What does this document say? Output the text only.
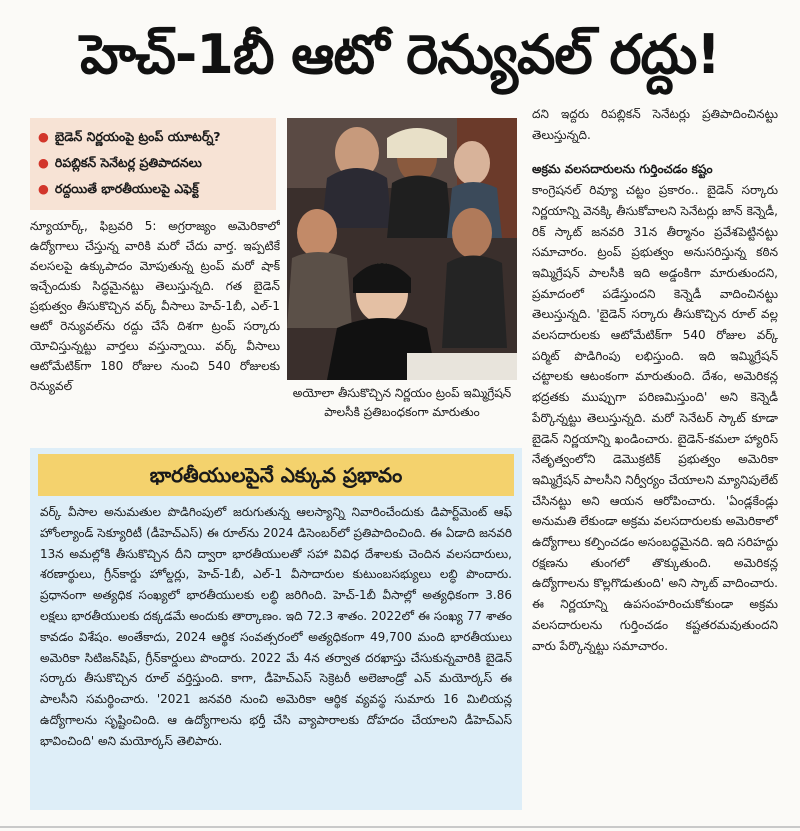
హెచ్‌-1బీ ఆటో రెన్యువల్‌ రద్దు!
● బైడెన్‌ నిర్ణయంపై ట్రంప్‌ యూటర్న్‌?
● రిపబ్లికన్‌ సెనేటర్ల ప్రతిపాదనలు
● రద్దయితే భారతీయులపై ఎఫెక్ట్‌
న్యూయార్క్‌, ఫిబ్రవరి 5: అగ్రరాజ్యం అమెరికాలో ఉద్యోగాలు చేస్తున్న వారికి మరో చేదు వార్త. ఇప్పటికే వలసలపై ఉక్కుపాదం మోపుతున్న ట్రంప్‌ మరో షాక్‌ ఇచ్చేందుకు సిద్ధమైనట్టు తెలుస్తున్నది. గత బైడెన్‌ ప్రభుత్వం తీసుకొచ్చిన వర్క్‌ వీసాలు హెచ్‌-1బీ, ఎల్‌-1 ఆటో రెన్యువల్‌ను రద్దు చేసే దిశగా ట్రంప్‌ సర్కారు యోచిస్తున్నట్టు వార్తలు వస్తున్నాయి. వర్క్‌ వీసాలు ఆటోమేటిక్‌గా 180 రోజుల నుంచి 540 రోజులకు రెన్యువల్‌	అయోలా తీసుకొచ్చిన నిర్ణయం ట్రంప్‌ ఇమ్మిగ్రేషన్‌ పాలసీకి ప్రతిబంధకంగా మారుతుం

దని ఇద్దరు రిపబ్లికన్‌ సెనేటర్లు ప్రతిపాదించినట్టు తెలుస్తున్నది.

అక్రమ వలసదారులను గుర్తించడం కష్టం

కాంగ్రెషనల్‌ రివ్యూ చట్టం ప్రకారం.. బైడెన్‌ సర్కారు నిర్ణయాన్ని వెనక్కి తీసుకోవాలని సెనేటర్లు జాన్‌ కెన్నెడీ, రిక్‌ స్కాట్‌ జనవరి 31న తీర్మానం ప్రవేశపెట్టినట్టు సమాచారం. ట్రంప్‌ ప్రభుత్వం అనుసరిస్తున్న కఠిన ఇమ్మిగ్రేషన్‌ పాలసీకి ఇది అడ్డంకిగా మారుతుందని, ప్రమాదంలో పడేస్తుందని కెన్నెడీ వాదించినట్టు తెలుస్తున్నది. 'బైడెన్‌ సర్కారు తీసుకొచ్చిన రూల్‌ వల్ల వలసదారులకు ఆటోమేటిక్‌గా 540 రోజుల వర్క్‌ పర్మిట్‌ పొడిగింపు లభిస్తుంది. ఇది ఇమ్మిగ్రేషన్‌ చట్టాలకు ఆటంకంగా మారుతుంది. దేశం, అమెరికన్ల భద్రతకు ముప్పుగా పరిణమిస్తుంది' అని కెన్నెడీ పేర్కొన్నట్టు తెలుస్తున్నది. మరో సెనేటర్‌ స్కాట్‌ కూడా బైడెన్‌ నిర్ణయాన్ని ఖండించారు. బైడెన్‌-కమలా హ్యారిస్‌ నేతృత్వంలోని డెమొక్రటిక్‌ ప్రభుత్వం అమెరికా ఇమ్మిగ్రేషన్‌ పాలసీని నిర్వీర్యం చేయాలని మ్యానిపులేట్‌ చేసినట్టు అని ఆయన ఆరోపించారు. 'ఏండ్లకేండ్లు అనుమతి లేకుండా అక్రమ వలసదారులకు అమెరికాలో ఉద్యోగాలు కల్పించడం అసంబద్ధమైనది. ఇది సరిహద్దు రక్షణను తుంగలో తొక్కుతుంది. అమెరికన్ల ఉద్యోగాలను కొల్లగొడుతుంది' అని స్కాట్‌ వాదించారు. ఈ నిర్ణయాన్ని ఉపసంహరించుకోకుండా అక్రమ వలసదారులను గుర్తించడం కష్టతరమవుతుందని వారు పేర్కొన్నట్టు సమాచారం.

భారతీయులపైనే ఎక్కువ ప్రభావం
వర్క్‌ వీసాల అనుమతుల పొడిగింపులో జరుగుతున్న ఆలస్యాన్ని నివారించేందుకు డిపార్ట్‌మెంట్‌ ఆఫ్‌ హోంల్యాండ్‌ సెక్యూరిటీ (డీహెచ్‌ఎస్‌) ఈ రూల్‌ను 2024 డిసెంబర్‌లో ప్రతిపాదించింది. ఈ ఏడాది జనవరి 13న అమల్లోకి తీసుకొచ్చిన దీని ద్వారా భారతీయులతో సహా వివిధ దేశాలకు చెందిన వలసదారులు, శరణార్థులు, గ్రీన్‌కార్డు హోల్డర్లు, హెచ్‌-1బీ, ఎల్‌-1 వీసాదారుల కుటుంబసభ్యులు లబ్ధి పొందారు. ప్రధానంగా అత్యధిక సంఖ్యలో భారతీయులకు లబ్ధి జరిగింది. హెచ్‌-1బీ వీసాల్లో అత్యధికంగా 3.86 లక్షలు భారతీయులకు దక్కడమే అందుకు తార్కాణం. ఇది 72.3 శాతం. 2022లో ఈ సంఖ్య 77 శాతం కావడం విశేషం. అంతేకాదు, 2024 ఆర్థిక సంవత్సరంలో అత్యధికంగా 49,700 మంది భారతీయులు అమెరికా సిటిజన్‌షిప్‌, గ్రీన్‌కార్డులు పొందారు. 2022 మే 4న తర్వాత దరఖాస్తు చేసుకున్నవారికి బైడెన్‌ సర్కారు తీసుకొచ్చిన రూల్‌ వర్తిస్తుంది. కాగా, డీహెచ్‌ఎస్‌ సెక్రెటరీ అలెజాండ్రో ఎన్‌ మయోర్కస్‌ ఈ పాలసీని సమర్థించారు. '2021 జనవరి నుంచి అమెరికా ఆర్థిక వ్యవస్థ సుమారు 16 మిలియన్ల ఉద్యోగాలను సృష్టించింది. ఆ ఉద్యోగాలను భర్తీ చేసి వ్యాపారాలకు దోహదం చేయాలని డీహెచ్‌ఎస్‌ భావించింది' అని మయోర్కస్‌ తెలిపారు.
